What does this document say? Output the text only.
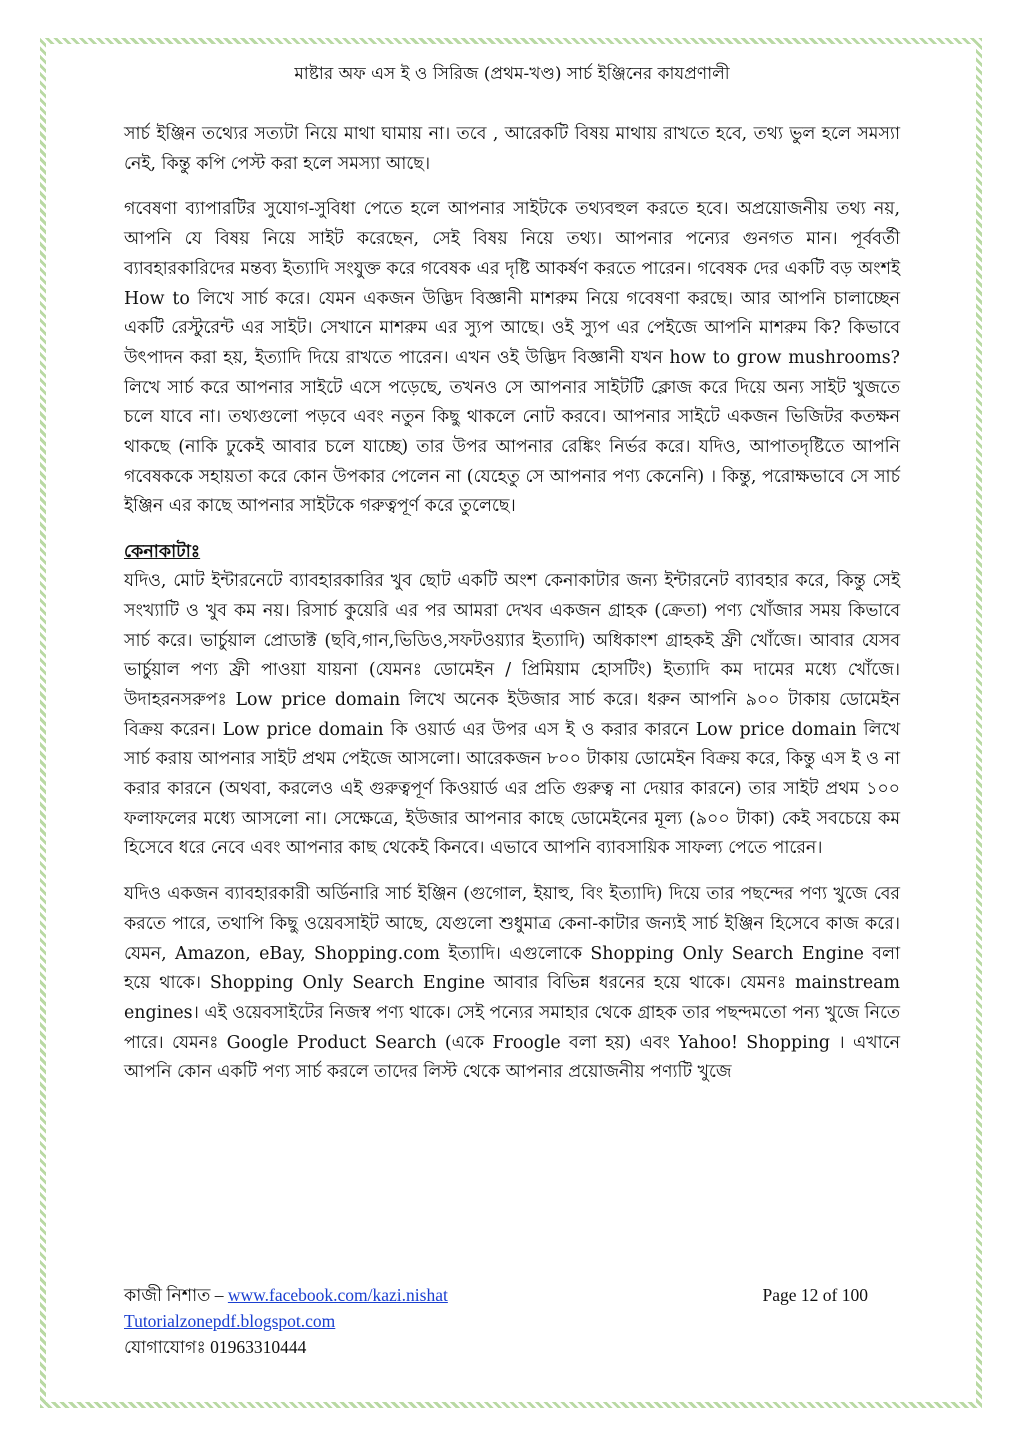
মাষ্টার অফ এস ই ও সিরিজ (প্রথম-খণ্ড) সার্চ ইঞ্জিনের কাযপ্রণালী

সার্চ ইঞ্জিন তথ্যের সত্যটা নিয়ে মাথা ঘামায় না। তবে , আরেকটি বিষয় মাথায় রাখতে হবে, তথ্য ভুল হলে সমস্যা নেই, কিন্তু কপি পেস্ট করা হলে সমস্যা আছে।

গবেষণা ব্যাপারটির সুযোগ-সুবিধা পেতে হলে আপনার সাইটকে তথ্যবহুল করতে হবে। অপ্রয়োজনীয় তথ্য নয়, আপনি যে বিষয় নিয়ে সাইট করেছেন, সেই বিষয় নিয়ে তথ্য। আপনার পন্যের গুনগত মান। পূর্ববর্তী ব্যাবহারকারিদের মন্তব্য ইত্যাদি সংযুক্ত করে গবেষক এর দৃষ্টি আকর্ষণ করতে পারেন। গবেষক দের একটি বড় অংশই How to লিখে সার্চ করে। যেমন একজন উদ্ভিদ বিজ্ঞানী মাশরুম নিয়ে গবেষণা করছে। আর আপনি চালাচ্ছেন একটি রেস্টুরেন্ট এর সাইট। সেখানে মাশরুম এর স্যুপ আছে। ওই স্যুপ এর পেইজে আপনি মাশরুম কি? কিভাবে উৎপাদন করা হয়, ইত্যাদি দিয়ে রাখতে পারেন। এখন ওই উদ্ভিদ বিজ্ঞানী যখন how to grow mushrooms? লিখে সার্চ করে আপনার সাইটে এসে পড়েছে, তখনও সে আপনার সাইটটি ক্লোজ করে দিয়ে অন্য সাইট খুজতে চলে যাবে না। তথ্যগুলো পড়বে এবং নতুন কিছু থাকলে নোট করবে। আপনার সাইটে একজন ভিজিটর কতক্ষন থাকছে (নাকি ঢুকেই আবার চলে যাচ্ছে) তার উপর আপনার রেঙ্কিং নির্ভর করে। যদিও, আপাতদৃষ্টিতে আপনি গবেষককে সহায়তা করে কোন উপকার পেলেন না (যেহেতু সে আপনার পণ্য কেনেনি) । কিন্তু, পরোক্ষভাবে সে সার্চ ইঞ্জিন এর কাছে আপনার সাইটকে গরুত্বপূর্ণ করে তুলেছে।

কেনাকাটাঃ

যদিও, মোট ইন্টারনেটে ব্যাবহারকারির খুব ছোট একটি অংশ কেনাকাটার জন্য ইন্টারনেট ব্যাবহার করে, কিন্তু সেই সংখ্যাটি ও খুব কম নয়। রিসার্চ কুয়েরি এর পর আমরা দেখব একজন গ্রাহক (ক্রেতা) পণ্য খোঁজার সময় কিভাবে সার্চ করে। ভার্চুয়াল প্রোডাক্ট (ছবি,গান,ভিডিও,সফটওয়্যার ইত্যাদি) অধিকাংশ গ্রাহকই ফ্রী খোঁজে। আবার যেসব ভার্চুয়াল পণ্য ফ্রী পাওয়া যায়না (যেমনঃ ডোমেইন / প্রিমিয়াম হোসটিং) ইত্যাদি কম দামের মধ্যে খোঁজে। উদাহরনসরুপঃ Low price domain লিখে অনেক ইউজার সার্চ করে। ধরুন আপনি ৯০০ টাকায় ডোমেইন বিক্রয় করেন। Low price domain কি ওয়ার্ড এর উপর এস ই ও করার কারনে Low price domain লিখে সার্চ করায় আপনার সাইট প্রথম পেইজে আসলো। আরেকজন ৮০০ টাকায় ডোমেইন বিক্রয় করে, কিন্তু এস ই ও না করার কারনে (অথবা, করলেও এই গুরুত্বপূর্ণ কিওয়ার্ড এর প্রতি গুরুত্ব না দেয়ার কারনে) তার সাইট প্রথম ১০০ ফলাফলের মধ্যে আসলো না। সেক্ষেত্রে, ইউজার আপনার কাছে ডোমেইনের মূল্য (৯০০ টাকা) কেই সবচেয়ে কম হিসেবে ধরে নেবে এবং আপনার কাছ থেকেই কিনবে। এভাবে আপনি ব্যাবসায়িক সাফল্য পেতে পারেন।

যদিও একজন ব্যাবহারকারী অর্ডিনারি সার্চ ইঞ্জিন (গুগোল, ইয়াহু, বিং ইত্যাদি) দিয়ে তার পছন্দের পণ্য খুজে বের করতে পারে, তথাপি কিছু ওয়েবসাইট আছে, যেগুলো শুধুমাত্র কেনা-কাটার জন্যই সার্চ ইঞ্জিন হিসেবে কাজ করে। যেমন, Amazon, eBay, Shopping.com ইত্যাদি। এগুলোকে Shopping Only Search Engine বলা হয়ে থাকে। Shopping Only Search Engine আবার বিভিন্ন ধরনের হয়ে থাকে। যেমনঃ mainstream engines। এই ওয়েবসাইটের নিজস্ব পণ্য থাকে। সেই পন্যের সমাহার থেকে গ্রাহক তার পছন্দমতো পন্য খুজে নিতে পারে। যেমনঃ Google Product Search (একে Froogle বলা হয়) এবং Yahoo! Shopping । এখানে আপনি কোন একটি পণ্য সার্চ করলে তাদের লিস্ট থেকে আপনার প্রয়োজনীয় পণ্যটি খুজে

কাজী নিশাত – www.facebook.com/kazi.nishat	Page 12 of 100
Tutorialzonepdf.blogspot.com
যোগাযোগঃ 01963310444
